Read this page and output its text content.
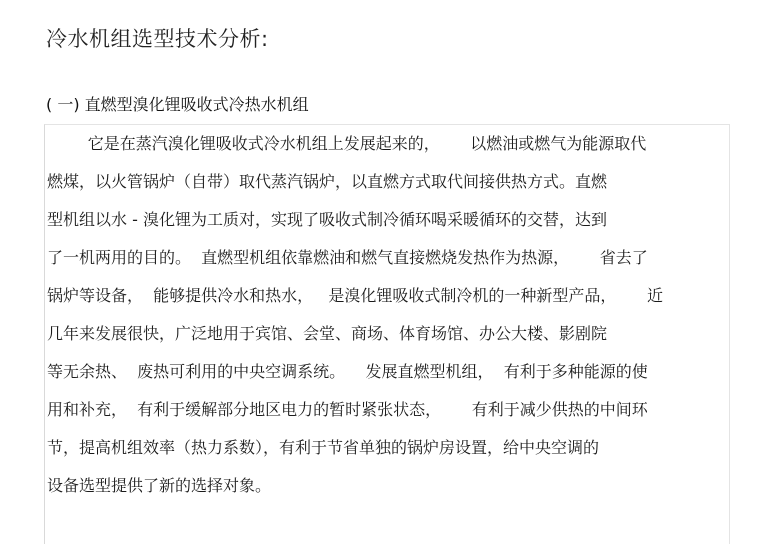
冷水机组选型技术分析:
( 一) 直燃型溴化锂吸收式冷热水机组
它是在蒸汽溴化锂吸收式冷水机组上发展起来的，      以燃油或燃气为能源取代
燃煤，以火管锅炉（自带）取代蒸汽锅炉，以直燃方式取代间接供热方式。直燃
型机组以水 - 溴化锂为工质对，实现了吸收式制冷循环喝采暖循环的交替，达到
了一机两用的目的。  直燃型机组依靠燃油和燃气直接燃烧发热作为热源，      省去了
锅炉等设备，  能够提供冷水和热水，   是溴化锂吸收式制冷机的一种新型产品，      近
几年来发展很快，广泛地用于宾馆、会堂、商场、体育场馆、办公大楼、影剧院
等无余热、  废热可利用的中央空调系统。    发展直燃型机组，  有利于多种能源的使
用和补充，  有利于缓解部分地区电力的暂时紧张状态，      有利于减少供热的中间环
节，提高机组效率（热力系数），有利于节省单独的锅炉房设置，给中央空调的
设备选型提供了新的选择对象。
